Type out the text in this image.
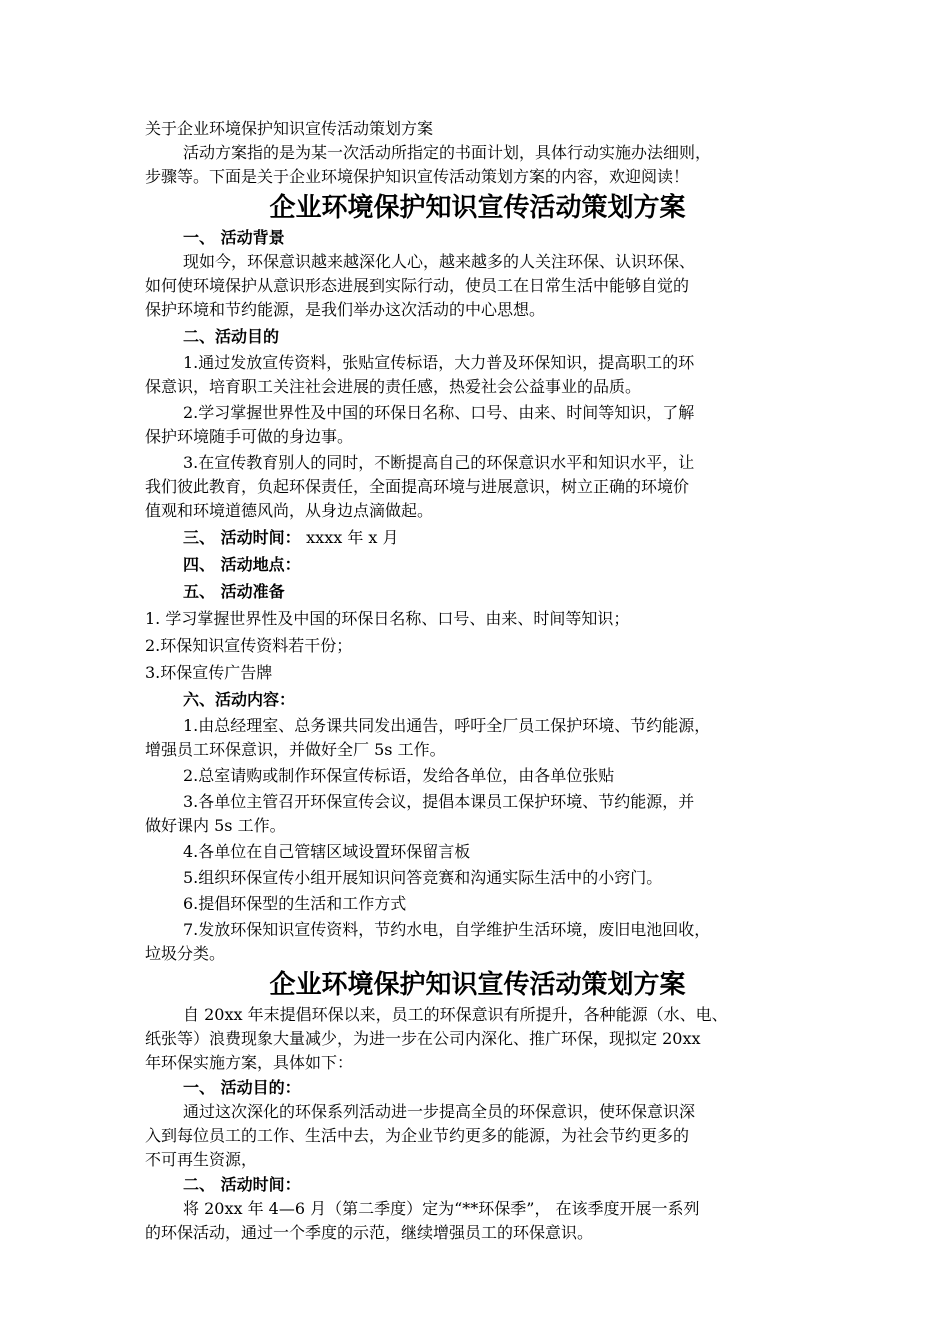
关于企业环境保护知识宣传活动策划方案
活动方案指的是为某一次活动所指定的书面计划，具体行动实施办法细则，
步骤等。下面是关于企业环境保护知识宣传活动策划方案的内容，欢迎阅读！
企业环境保护知识宣传活动策划方案
一、 活动背景
现如今，环保意识越来越深化人心，越来越多的人关注环保、认识环保、
如何使环境保护从意识形态进展到实际行动，使员工在日常生活中能够自觉的
保护环境和节约能源，是我们举办这次活动的中心思想。
二、活动目的
1.通过发放宣传资料，张贴宣传标语，大力普及环保知识，提高职工的环
保意识，培育职工关注社会进展的责任感，热爱社会公益事业的品质。
2.学习掌握世界性及中国的环保日名称、口号、由来、时间等知识，了解
保护环境随手可做的身边事。
3.在宣传教育别人的同时，不断提高自己的环保意识水平和知识水平，让
我们彼此教育，负起环保责任，全面提高环境与进展意识，树立正确的环境价
值观和环境道德风尚，从身边点滴做起。
三、 活动时间： xxxx 年 x 月
四、 活动地点：
五、 活动准备
1. 学习掌握世界性及中国的环保日名称、口号、由来、时间等知识；
2.环保知识宣传资料若干份；
3.环保宣传广告牌
六、活动内容：
1.由总经理室、总务课共同发出通告，呼吁全厂员工保护环境、节约能源，
增强员工环保意识，并做好全厂 5s 工作。
2.总室请购或制作环保宣传标语，发给各单位，由各单位张贴
3.各单位主管召开环保宣传会议，提倡本课员工保护环境、节约能源，并
做好课内 5s 工作。
4.各单位在自己管辖区域设置环保留言板
5.组织环保宣传小组开展知识问答竞赛和沟通实际生活中的小窍门。
6.提倡环保型的生活和工作方式
7.发放环保知识宣传资料，节约水电，自学维护生活环境，废旧电池回收，
垃圾分类。
企业环境保护知识宣传活动策划方案
自 20xx 年末提倡环保以来，员工的环保意识有所提升，各种能源（水、电、
纸张等）浪费现象大量减少，为进一步在公司内深化、推广环保，现拟定 20xx
年环保实施方案，具体如下：
一、 活动目的：
通过这次深化的环保系列活动进一步提高全员的环保意识，使环保意识深
入到每位员工的工作、生活中去，为企业节约更多的能源，为社会节约更多的
不可再生资源，
二、 活动时间：
将 20xx 年 4—6 月（第二季度）定为“**环保季”， 在该季度开展一系列
的环保活动，通过一个季度的示范，继续增强员工的环保意识。
